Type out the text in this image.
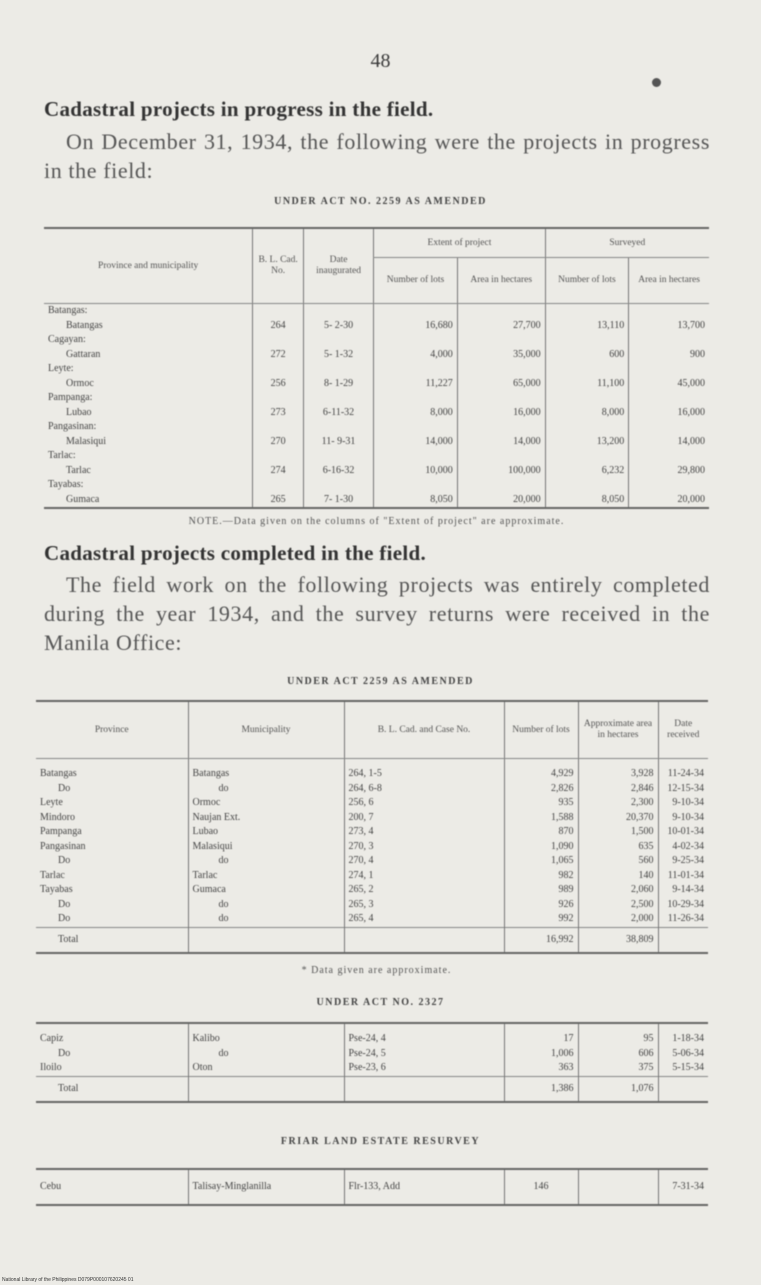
48
Cadastral projects in progress in the field.
On December 31, 1934, the following were the projects in progress in the field:
UNDER ACT NO. 2259 AS AMENDED
Province and municipality	B. L. Cad. No.	Date inaugurated	Extent of project		Surveyed	
			Number of lots	Area in hectares	Number of lots	Area in hectares
Batangas:						
Batangas	264	5- 2-30	16,680	27,700	13,110	13,700
Cagayan:						
Gattaran	272	5- 1-32	4,000	35,000	600	900
Leyte:						
Ormoc	256	8- 1-29	11,227	65,000	11,100	45,000
Pampanga:						
Lubao	273	6-11-32	8,000	16,000	8,000	16,000
Pangasinan:						
Malasiqui	270	11- 9-31	14,000	14,000	13,200	14,000
Tarlac:						
Tarlac	274	6-16-32	10,000	100,000	6,232	29,800
Tayabas:						
Gumaca	265	7- 1-30	8,050	20,000	8,050	20,000
NOTE.—Data given on the columns of "Extent of project" are approximate.
Cadastral projects completed in the field.
The field work on the following projects was entirely completed during the year 1934, and the survey returns were received in the Manila Office:
UNDER ACT 2259 AS AMENDED
Province	Municipality	B. L. Cad. and Case No.	Number of lots	Approximate area in hectares	Date received
Batangas	Batangas	264, 1-5	4,929	3,928	11-24-34
Do	do	264, 6-8	2,826	2,846	12-15-34
Leyte	Ormoc	256, 6	935	2,300	9-10-34
Mindoro	Naujan Ext.	200, 7	1,588	20,370	9-10-34
Pampanga	Lubao	273, 4	870	1,500	10-01-34
Pangasinan	Malasiqui	270, 3	1,090	635	4-02-34
Do	do	270, 4	1,065	560	9-25-34
Tarlac	Tarlac	274, 1	982	140	11-01-34
Tayabas	Gumaca	265, 2	989	2,060	9-14-34
Do	do	265, 3	926	2,500	10-29-34
Do	do	265, 4	992	2,000	11-26-34
Total			16,992	38,809	
* Data given are approximate.
UNDER ACT NO. 2327
Capiz	Kalibo	Pse-24, 4	17	95	1-18-34
Do	do	Pse-24, 5	1,006	606	5-06-34
Iloilo	Oton	Pse-23, 6	363	375	5-15-34
Total			1,386	1,076	
FRIAR LAND ESTATE RESURVEY
Cebu	Talisay-Minglanilla	Flr-133, Add	146		7-31-34
National Library of the Philippines D079P000107620245 01
